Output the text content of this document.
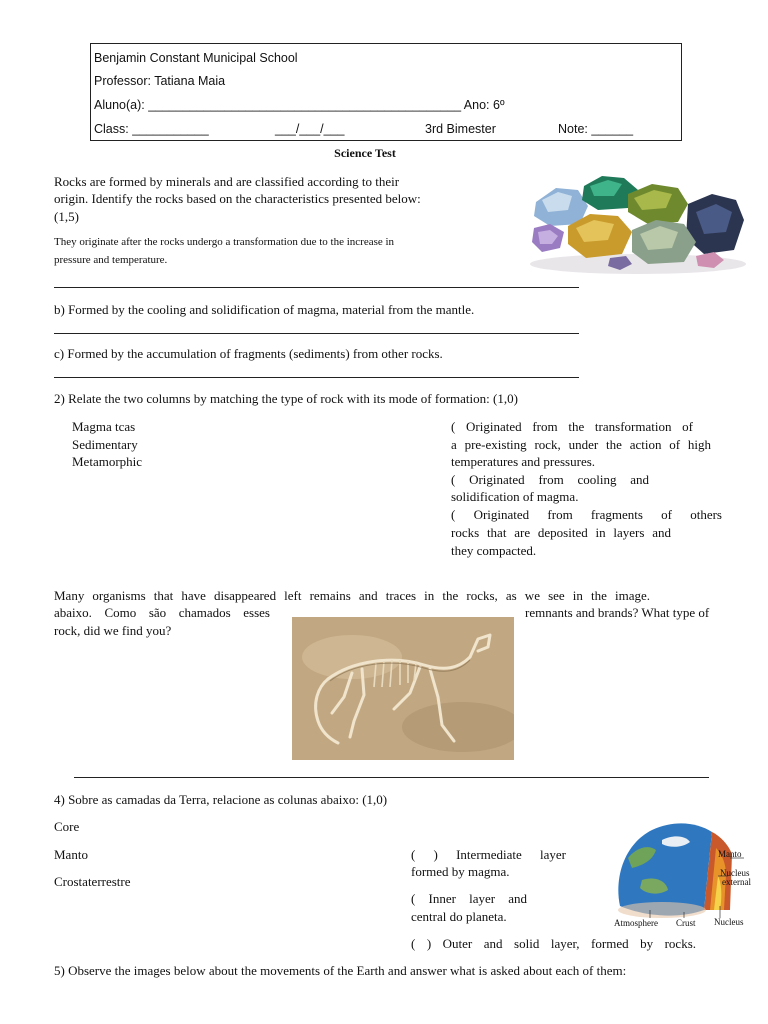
Benjamin Constant Municipal School
Professor: Tatiana Maia
Aluno(a): _____________________________________________ Ano: 6º
Class: ___________	___/___/___	3rd Bimester	Note: ______
Science Test
Rocks are formed by minerals and are classified according to their
origin. Identify the rocks based on the characteristics presented below:
(1,5)
They originate after the rocks undergo a transformation due to the increase in
pressure and temperature.
b) Formed by the cooling and solidification of magma, material from the mantle.
c) Formed by the accumulation of fragments (sediments) from other rocks.
2) Relate the two columns by matching the type of rock with its mode of formation: (1,0)
Magma tcas
Sedimentary
Metamorphic
( Originated from the transformation of
a pre-existing rock, under the action of high
temperatures and pressures.
( Originated from cooling and
solidification of magma.
( Originated from fragments of others
rocks that are deposited in layers and
they compacted.
Many organisms that have disappeared left remains and traces in the rocks, as we see in the image.
abaixo. Como são chamados esses	remnants and brands? What type of
rock, did we find you?
4) Sobre as camadas da Terra, relacione as colunas abaixo: (1,0)
Core
Manto
Crostaterrestre
( ) Intermediate layer
formed by magma.
( Inner layer and
central do planeta.
( ) Outer and solid layer, formed by rocks.
Manto
Nucleus
external
Atmosphere Crust Nucleus
5) Observe the images below about the movements of the Earth and answer what is asked about each of them:
